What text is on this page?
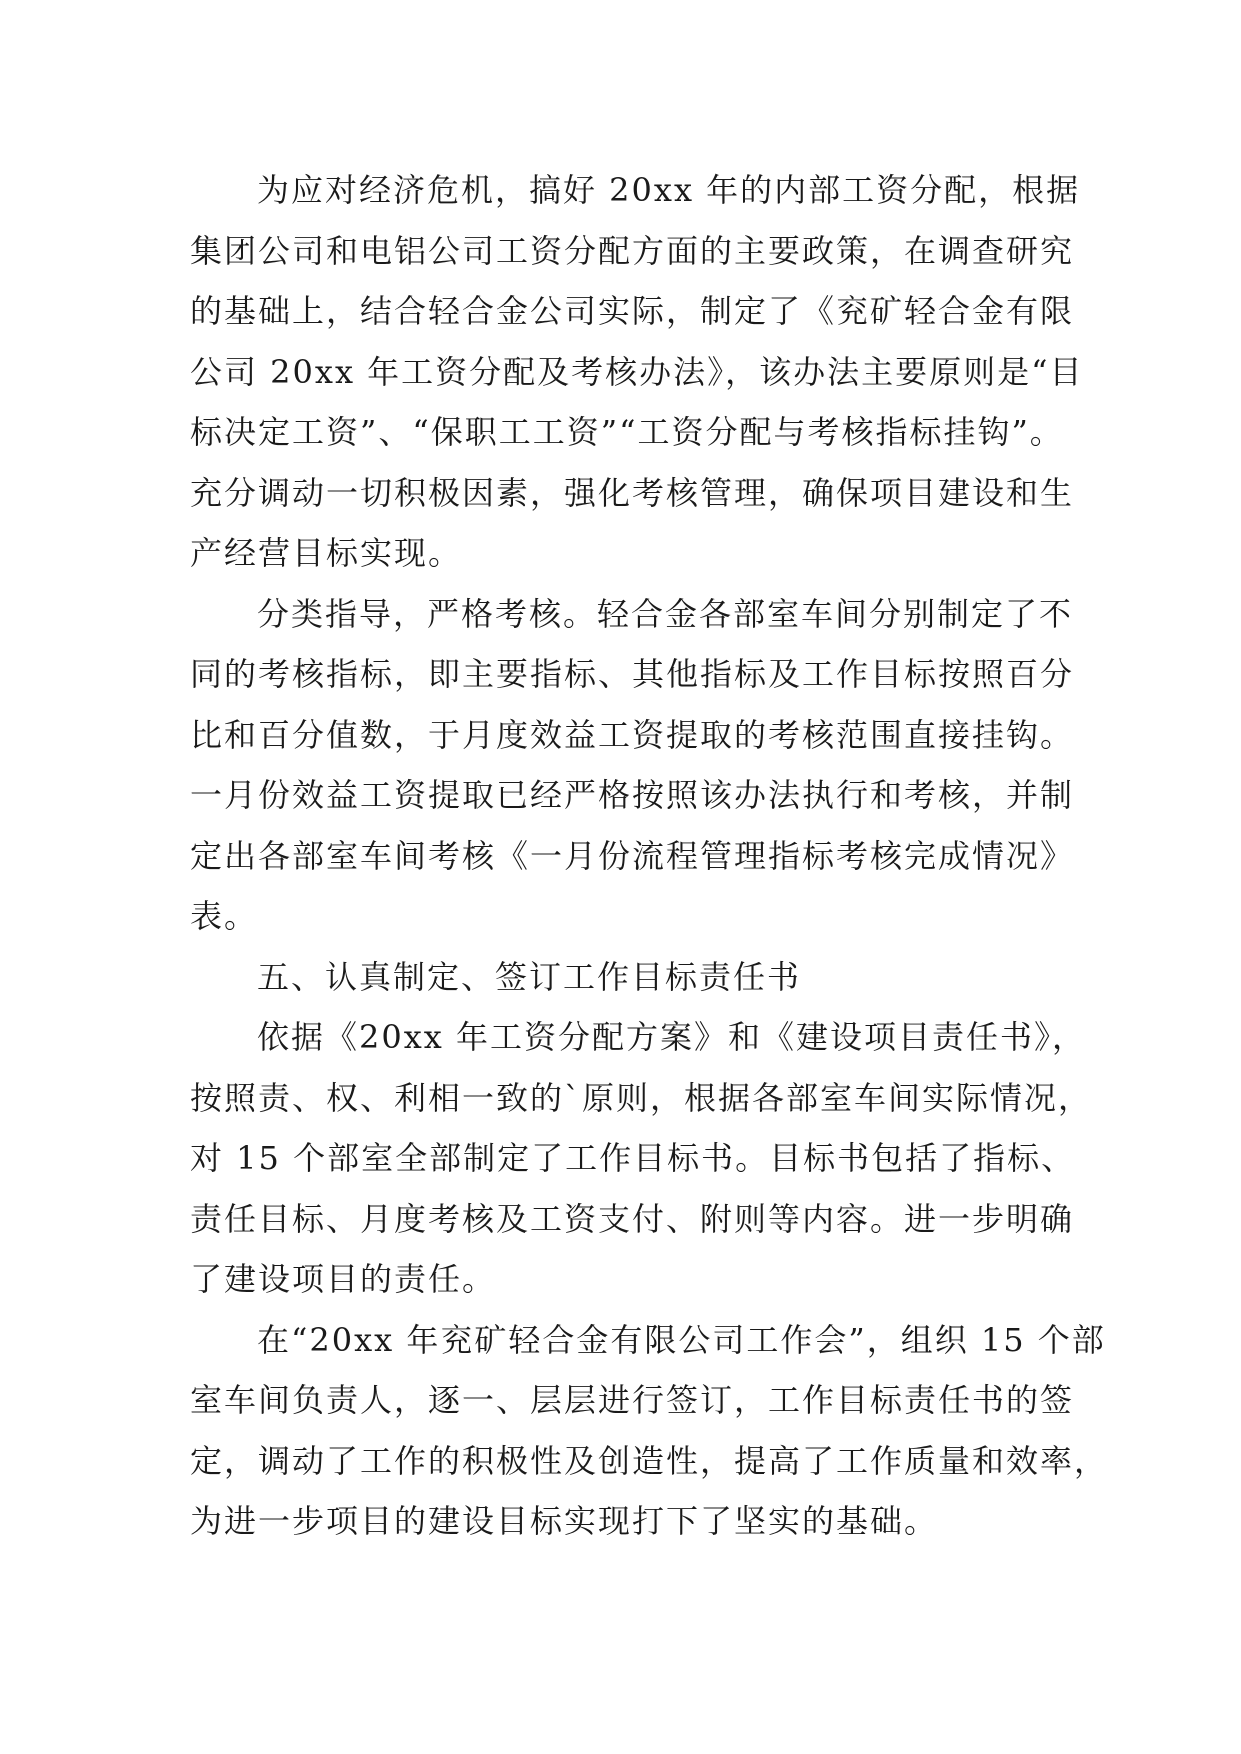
为应对经济危机，搞好 20xx 年的内部工资分配，根据
集团公司和电铝公司工资分配方面的主要政策，在调查研究
的基础上，结合轻合金公司实际，制定了《兖矿轻合金有限
公司 20xx 年工资分配及考核办法》，该办法主要原则是“目
标决定工资”、“保职工工资”“工资分配与考核指标挂钩”。
充分调动一切积极因素，强化考核管理，确保项目建设和生
产经营目标实现。
分类指导，严格考核。轻合金各部室车间分别制定了不
同的考核指标，即主要指标、其他指标及工作目标按照百分
比和百分值数，于月度效益工资提取的考核范围直接挂钩。
一月份效益工资提取已经严格按照该办法执行和考核，并制
定出各部室车间考核《一月份流程管理指标考核完成情况》
表。
五、认真制定、签订工作目标责任书
依据《20xx 年工资分配方案》和《建设项目责任书》，
按照责、权、利相一致的`原则，根据各部室车间实际情况，
对 15 个部室全部制定了工作目标书。目标书包括了指标、
责任目标、月度考核及工资支付、附则等内容。进一步明确
了建设项目的责任。
在“20xx 年兖矿轻合金有限公司工作会”，组织 15 个部
室车间负责人，逐一、层层进行签订，工作目标责任书的签
定，调动了工作的积极性及创造性，提高了工作质量和效率，
为进一步项目的建设目标实现打下了坚实的基础。
